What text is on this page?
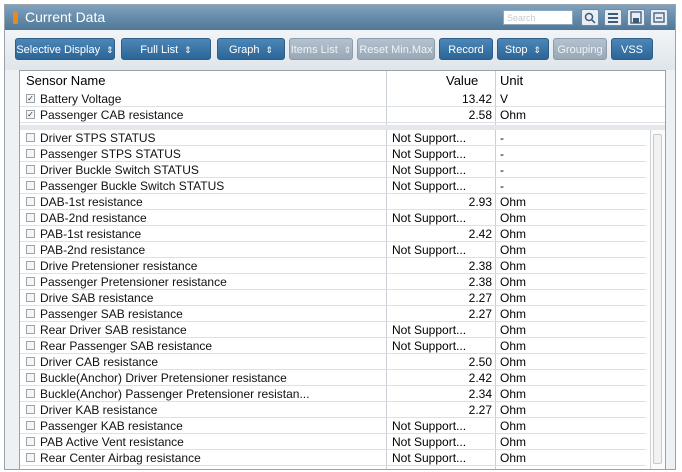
Current Data	Search
Selective Display ⇕	Full List ⇕	Graph ⇕	Items List ⇕ Reset Min.Max	Record	Stop ⇕	Grouping	VSS
Sensor Name	Value Unit
✓ Battery Voltage	13.42 V
✓ Passenger CAB resistance	2.58 Ohm
Driver STPS STATUS	Not Support...	-
Passenger STPS STATUS	Not Support...	-
Driver Buckle Switch STATUS	Not Support...	-
Passenger Buckle Switch STATUS	Not Support...	-
DAB-1st resistance	2.93 Ohm
DAB-2nd resistance	Not Support...	Ohm
PAB-1st resistance	2.42 Ohm
PAB-2nd resistance	Not Support...	Ohm
Drive Pretensioner resistance	2.38 Ohm
Passenger Pretensioner resistance	2.38 Ohm
Drive SAB resistance	2.27 Ohm
Passenger SAB resistance	2.27 Ohm
Rear Driver SAB resistance	Not Support...	Ohm
Rear Passenger SAB resistance	Not Support...	Ohm
Driver CAB resistance	2.50 Ohm
Buckle(Anchor) Driver Pretensioner resistance	2.42 Ohm
Buckle(Anchor) Passenger Pretensioner resistan...	2.34 Ohm
Driver KAB resistance	2.27 Ohm
Passenger KAB resistance	Not Support...	Ohm
PAB Active Vent resistance	Not Support...	Ohm
Rear Center Airbag resistance	Not Support...	Ohm
